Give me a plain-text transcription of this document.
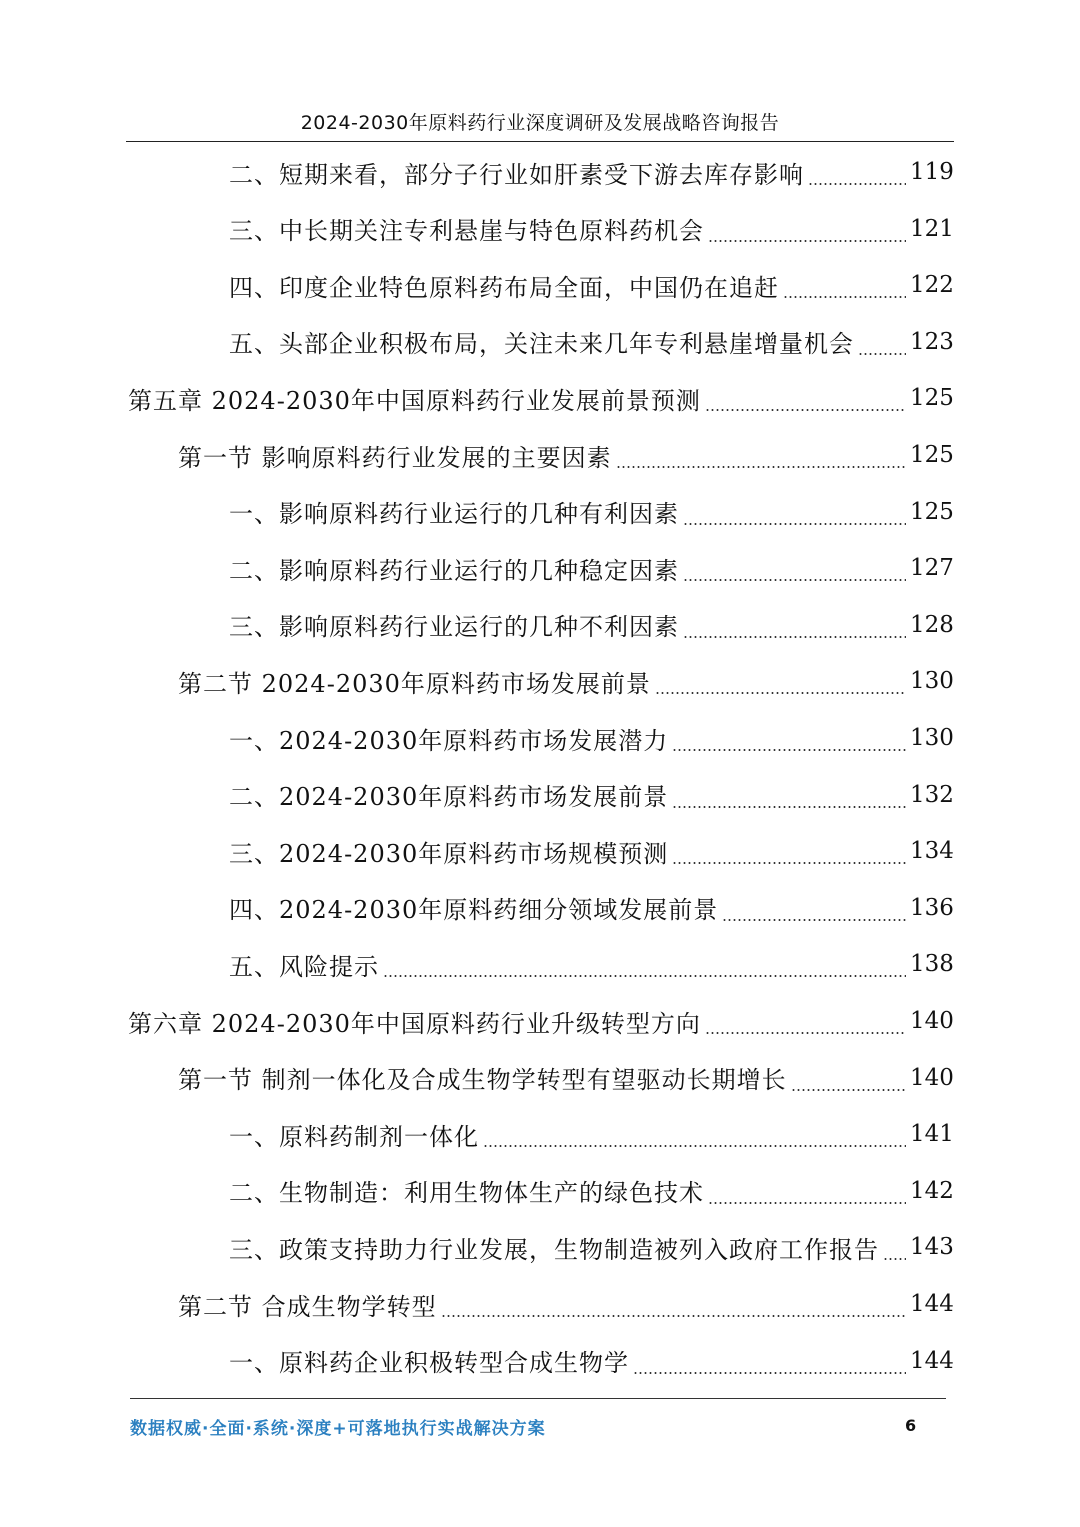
2024-2030年原料药行业深度调研及发展战略咨询报告
二、短期来看，部分子行业如肝素受下游去库存影响	119
三、中长期关注专利悬崖与特色原料药机会	121
四、印度企业特色原料药布局全面，中国仍在追赶	122
五、头部企业积极布局，关注未来几年专利悬崖增量机会 123
第五章 2024-2030年中国原料药行业发展前景预测	125
第一节 影响原料药行业发展的主要因素	125
一、影响原料药行业运行的几种有利因素	125
二、影响原料药行业运行的几种稳定因素	127
三、影响原料药行业运行的几种不利因素	128
第二节 2024-2030年原料药市场发展前景	130
一、2024-2030年原料药市场发展潜力	130
二、2024-2030年原料药市场发展前景	132
三、2024-2030年原料药市场规模预测	134
四、2024-2030年原料药细分领域发展前景	136
五、风险提示	138
第六章 2024-2030年中国原料药行业升级转型方向	140
第一节 制剂一体化及合成生物学转型有望驱动长期增长	140
一、原料药制剂一体化	141
二、生物制造：利用生物体生产的绿色技术	142
三、政策支持助力行业发展，生物制造被列入政府工作报告 143
第二节 合成生物学转型	144
一、原料药企业积极转型合成生物学	144
数据权威·全面·系统·深度+可落地执行实战解决方案	6
